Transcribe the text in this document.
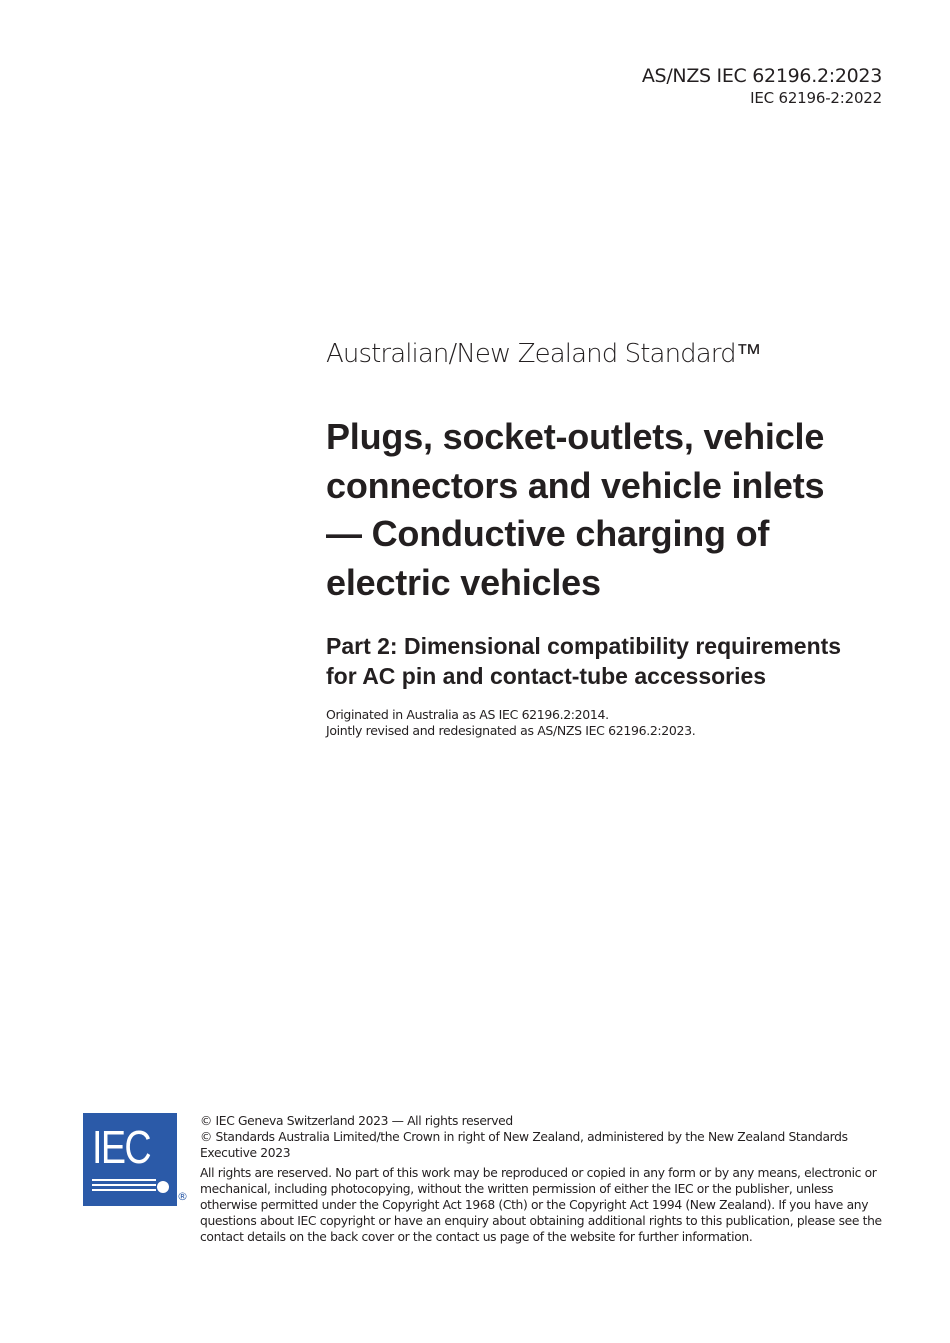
AS/NZS IEC 62196.2:2023
IEC 62196-2:2022
Australian/New Zealand Standard™
Plugs, socket-outlets, vehicle
connectors and vehicle inlets
— Conductive charging of
electric vehicles
Part 2: Dimensional compatibility requirements
for AC pin and contact-tube accessories
Originated in Australia as AS IEC 62196.2:2014.
Jointly revised and redesignated as AS/NZS IEC 62196.2:2023.
IEC
®

© IEC Geneva Switzerland 2023 — All rights reserved

© Standards Australia Limited/the Crown in right of New Zealand, administered by the New Zealand Standards Executive 2023

All rights are reserved. No part of this work may be reproduced or copied in any form or by any means, electronic or mechanical, including photocopying, without the written permission of either the IEC or the publisher, unless otherwise permitted under the Copyright Act 1968 (Cth) or the Copyright Act 1994 (New Zealand). If you have any questions about IEC copyright or have an enquiry about obtaining additional rights to this publication, please see the contact details on the back cover or the contact us page of the website for further information.
